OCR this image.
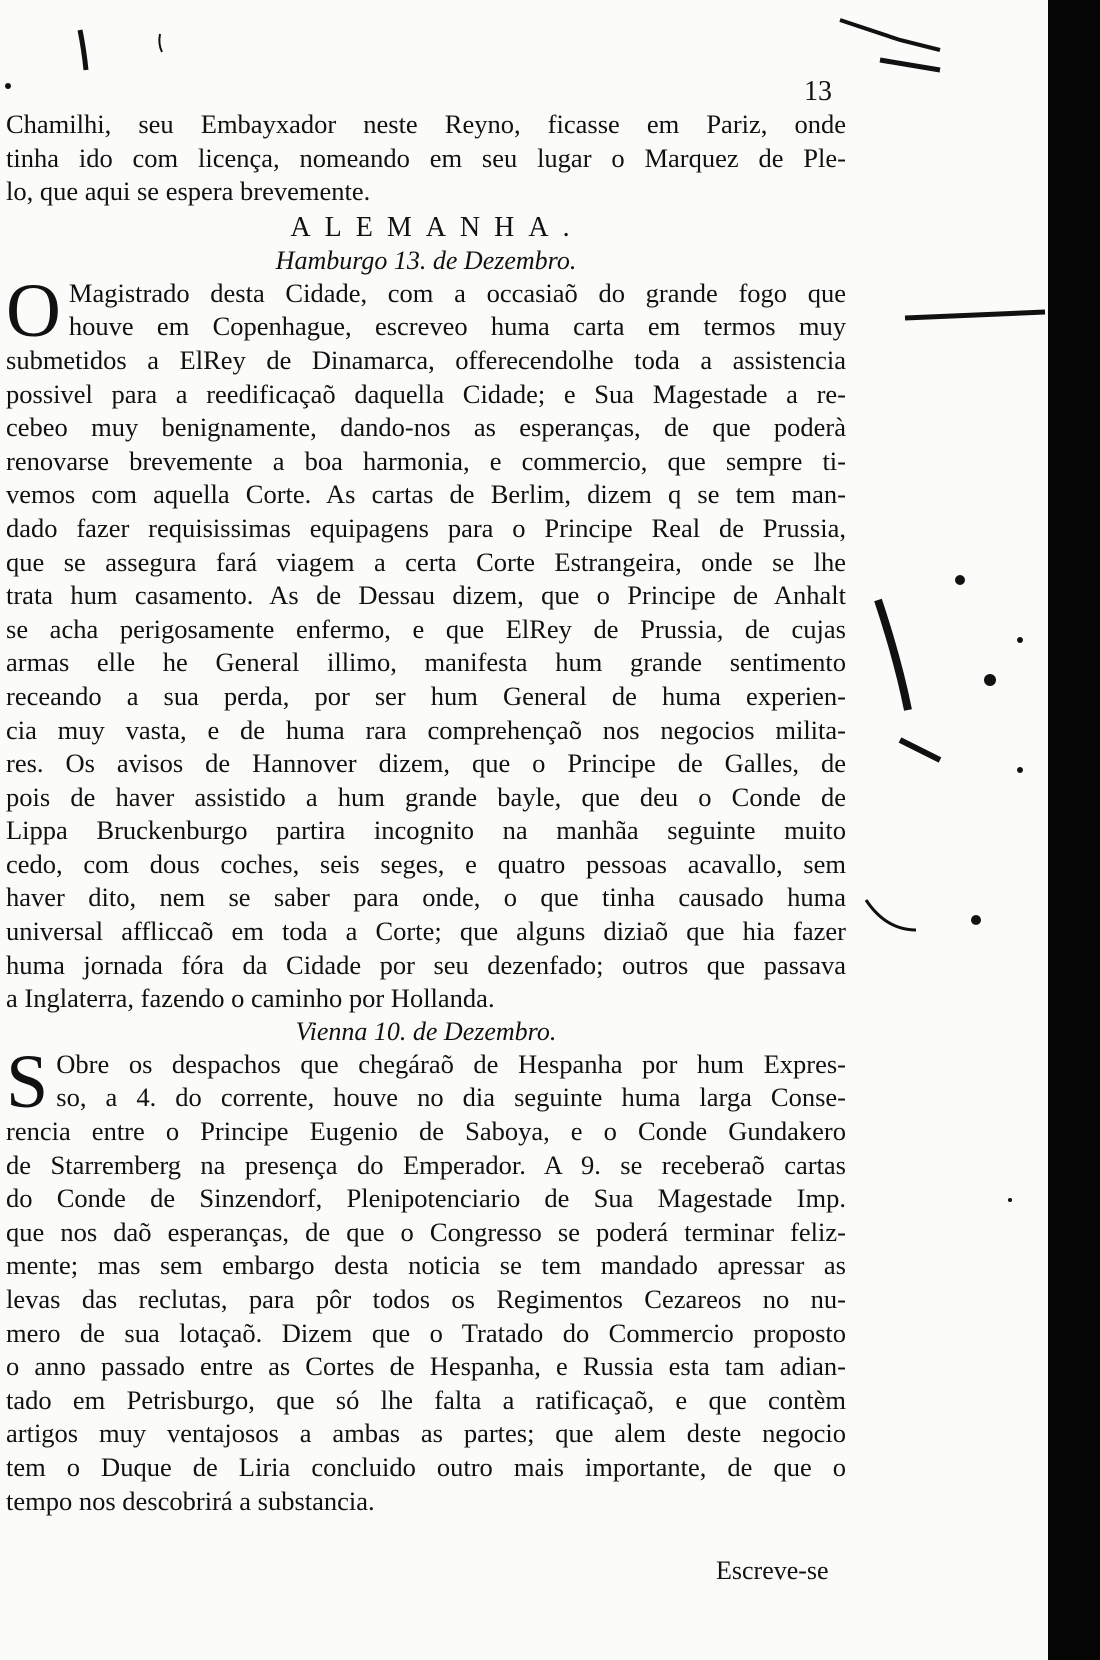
13
Chamilhi, seu Embayxador neste Reyno, ficasse em Pariz, onde
tinha ido com licença, nomeando em seu lugar o Marquez de Ple-
lo, que aqui se espera brevemente.
ALEMANHA.
Hamburgo 13. de Dezembro.
O Magistrado desta Cidade, com a occasiaõ do grande fogo que
houve em Copenhague, escreveo huma carta em termos muy
submetidos a ElRey de Dinamarca, offerecendolhe toda a assistencia
possivel para a reedificaçaõ daquella Cidade; e Sua Magestade a re-
cebeo muy benignamente, dando-nos as esperanças, de que poderà
renovarse brevemente a boa harmonia, e commercio, que sempre ti-
vemos com aquella Corte. As cartas de Berlim, dizem q se tem man-
dado fazer requisissimas equipagens para o Principe Real de Prussia,
que se assegura fará viagem a certa Corte Estrangeira, onde se lhe
trata hum casamento. As de Dessau dizem, que o Principe de Anhalt
se acha perigosamente enfermo, e que ElRey de Prussia, de cujas
armas elle he General illimo, manifesta hum grande sentimento
receando a sua perda, por ser hum General de huma experien-
cia muy vasta, e de huma rara comprehençaõ nos negocios milita-
res. Os avisos de Hannover dizem, que o Principe de Galles, de
pois de haver assistido a hum grande bayle, que deu o Conde de
Lippa Bruckenburgo partira incognito na manhãa seguinte muito
cedo, com dous coches, seis seges, e quatro pessoas acavallo, sem
haver dito, nem se saber para onde, o que tinha causado huma
universal affliccaõ em toda a Corte; que alguns diziaõ que hia fazer
huma jornada fóra da Cidade por seu dezenfado; outros que passava
a Inglaterra, fazendo o caminho por Hollanda.
Vienna 10. de Dezembro.
S Obre os despachos que chegáraõ de Hespanha por hum Expres-
so, a 4. do corrente, houve no dia seguinte huma larga Conse-
rencia entre o Principe Eugenio de Saboya, e o Conde Gundakero
de Starremberg na presença do Emperador. A 9. se receberaõ cartas
do Conde de Sinzendorf, Plenipotenciario de Sua Magestade Imp.
que nos daõ esperanças, de que o Congresso se poderá terminar feliz-
mente; mas sem embargo desta noticia se tem mandado apressar as
levas das reclutas, para pôr todos os Regimentos Cezareos no nu-
mero de sua lotaçaõ. Dizem que o Tratado do Commercio proposto
o anno passado entre as Cortes de Hespanha, e Russia esta tam adian-
tado em Petrisburgo, que só lhe falta a ratificaçaõ, e que contèm
artigos muy ventajosos a ambas as partes; que alem deste negocio
tem o Duque de Liria concluido outro mais importante, de que o
tempo nos descobrirá a substancia.
Escreve-se
